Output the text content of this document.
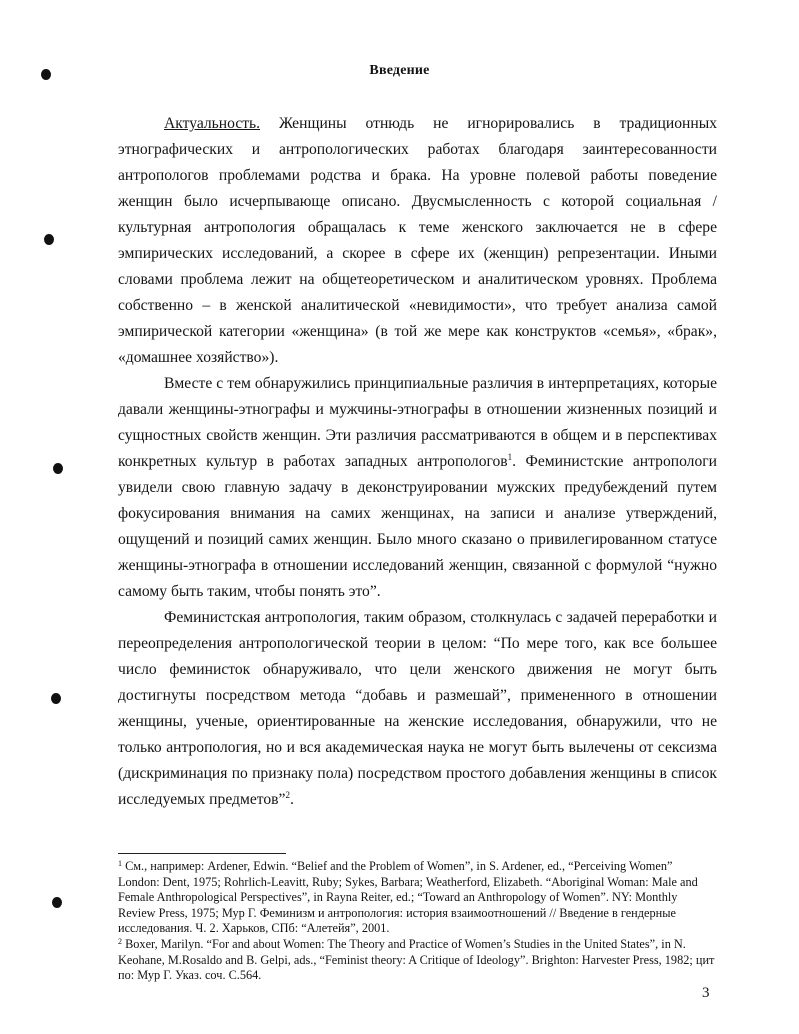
Введение

Актуальность. Женщины отнюдь не игнорировались в традиционных этнографических и антропологических работах благодаря заинтересованности антропологов проблемами родства и брака. На уровне полевой работы поведение женщин было исчерпывающе описано. Двусмысленность с которой социальная / культурная антропология обращалась к теме женского заключается не в сфере эмпирических исследований, а скорее в сфере их (женщин) репрезентации. Иными словами проблема лежит на общетеоретическом и аналитическом уровнях. Проблема собственно – в женской аналитической «невидимости», что требует анализа самой эмпирической категории «женщина» (в той же мере как конструктов «семья», «брак», «домашнее хозяйство»).

Вместе с тем обнаружились принципиальные различия в интерпретациях, которые давали женщины-этнографы и мужчины-этнографы в отношении жизненных позиций и сущностных свойств женщин. Эти различия рассматриваются в общем и в перспективах конкретных культур в работах западных антропологов$^1$. Феминистские антропологи увидели свою главную задачу в деконструировании мужских предубеждений путем фокусирования внимания на самих женщинах, на записи и анализе утверждений, ощущений и позиций самих женщин. Было много сказано о привилегированном статусе женщины-этнографа в отношении исследований женщин, связанной с формулой “нужно самому быть таким, чтобы понять это”.

Феминистская антропология, таким образом, столкнулась с задачей переработки и переопределения антропологической теории в целом: “По мере того, как все большее число феминисток обнаруживало, что цели женского движения не могут быть достигнуты посредством метода “добавь и размешай”, примененного в отношении женщины, ученые, ориентированные на женские исследования, обнаружили, что не только антропология, но и вся академическая наука не могут быть вылечены от сексизма (дискриминация по признаку пола) посредством простого добавления женщины в список исследуемых предметов”$^2$.

$^1$ См., например: Ardener, Edwin. “Belief and the Problem of Women”, in S. Ardener, ed., “Perceiving Women” London: Dent, 1975; Rohrlich-Leavitt, Ruby; Sykes, Barbara; Weatherford, Elizabeth. “Aboriginal Woman: Male and Female Anthropological Perspectives”, in Rayna Reiter, ed.; “Toward an Anthropology of Women”. NY: Monthly Review Press, 1975; Мур Г. Феминизм и антропология: история взаимоотношений // Введение в гендерные исследования. Ч. 2. Харьков, СПб: “Алетейя”, 2001.

$^2$ Boxer, Marilyn. “For and about Women: The Theory and Practice of Women’s Studies in the United States”, in N. Keohane, M.Rosaldo and B. Gelpi, ads., “Feminist theory: A Critique of Ideology”. Brighton: Harvester Press, 1982; цит по: Мур Г. Указ. соч. С.564.

3
